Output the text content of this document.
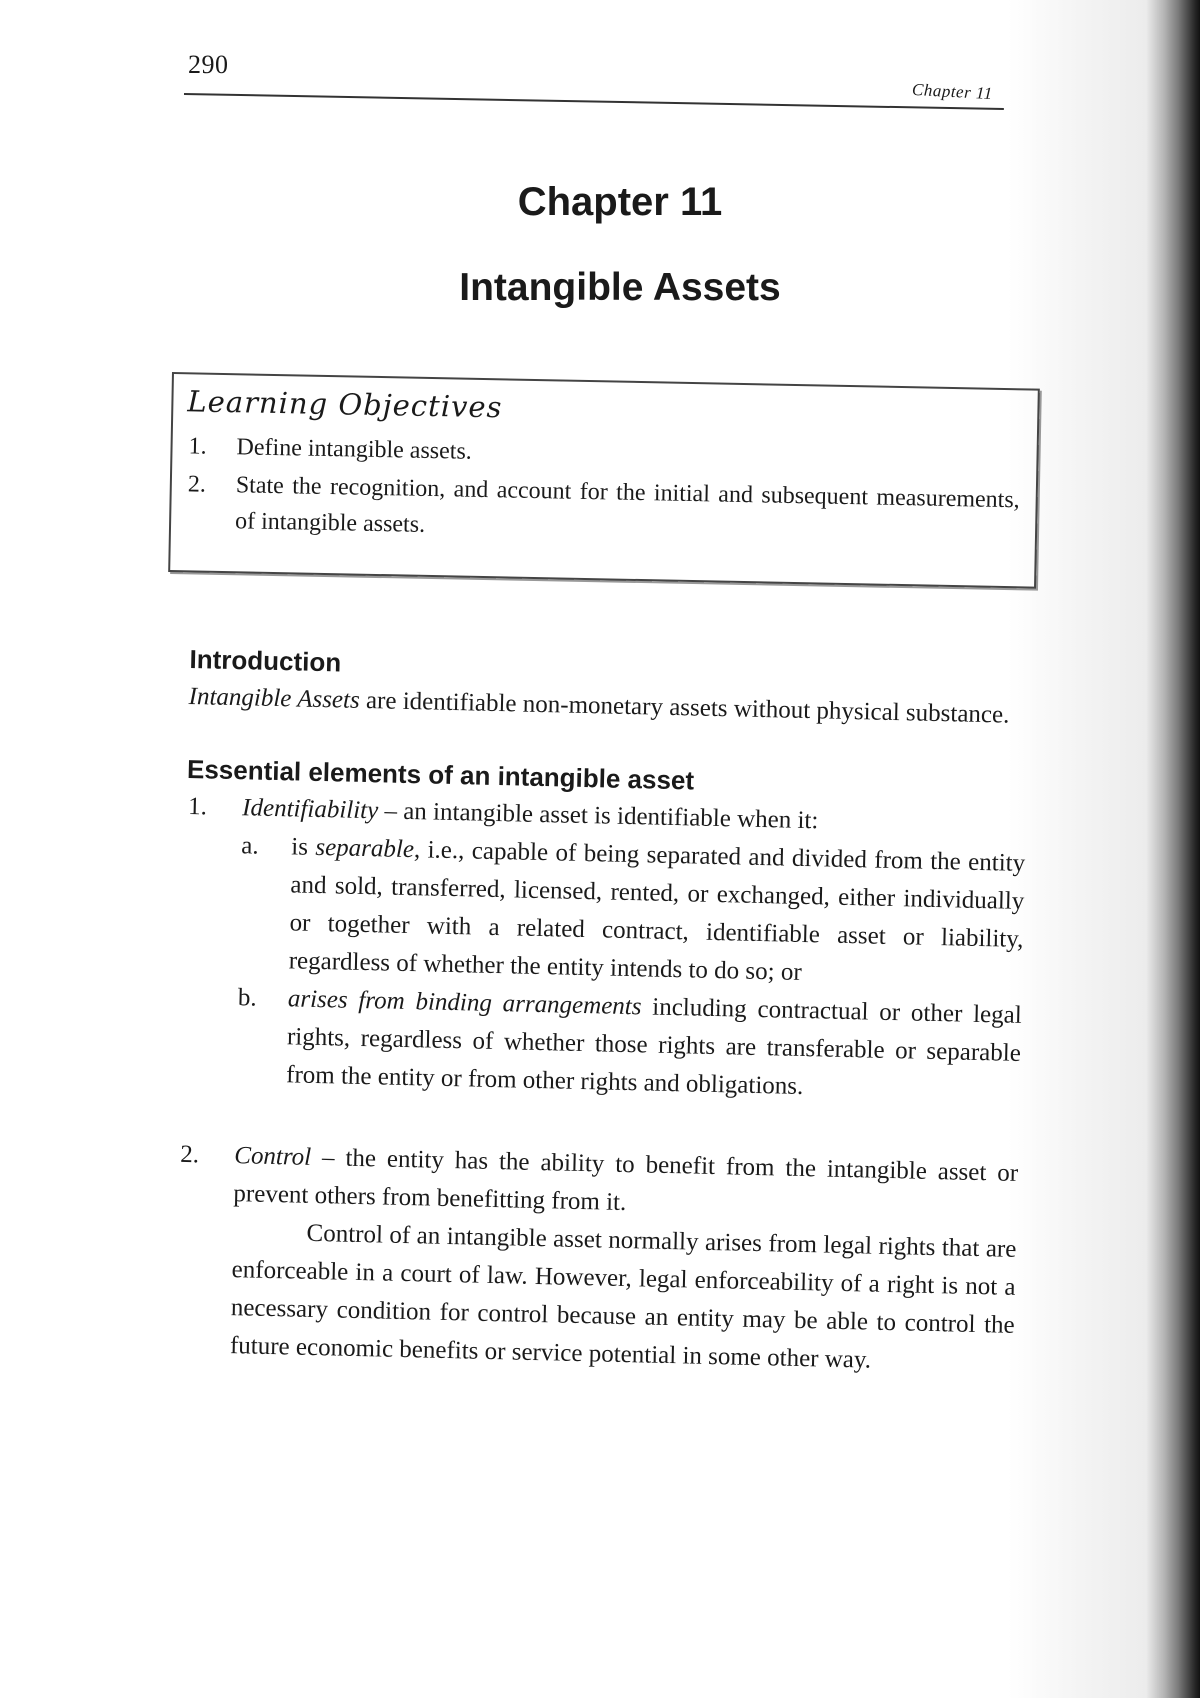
290
Chapter 11
Chapter 11
Intangible Assets
Learning Objectives
1. Define intangible assets.
2. State the recognition, and account for the initial and subsequent measurements, of intangible assets.
Introduction

Intangible Assets are identifiable non-monetary assets without physical substance.

Essential elements of an intangible asset
1. Identifiability – an intangible asset is identifiable when it:
a. is separable, i.e., capable of being separated and divided from the entity and sold, transferred, licensed, rented, or exchanged, either individually or together with a related contract, identifiable asset or liability, regardless of whether the entity intends to do so; or
b. arises from binding arrangements including contractual or other legal rights, regardless of whether those rights are transferable or separable from the entity or from other rights and obligations.
2. Control – the entity has the ability to benefit from the intangible asset or prevent others from benefitting from it.

Control of an intangible asset normally arises from legal rights that are enforceable in a court of law. However, legal enforceability of a right is not a necessary condition for control because an entity may be able to control the future economic benefits or service potential in some other way.
